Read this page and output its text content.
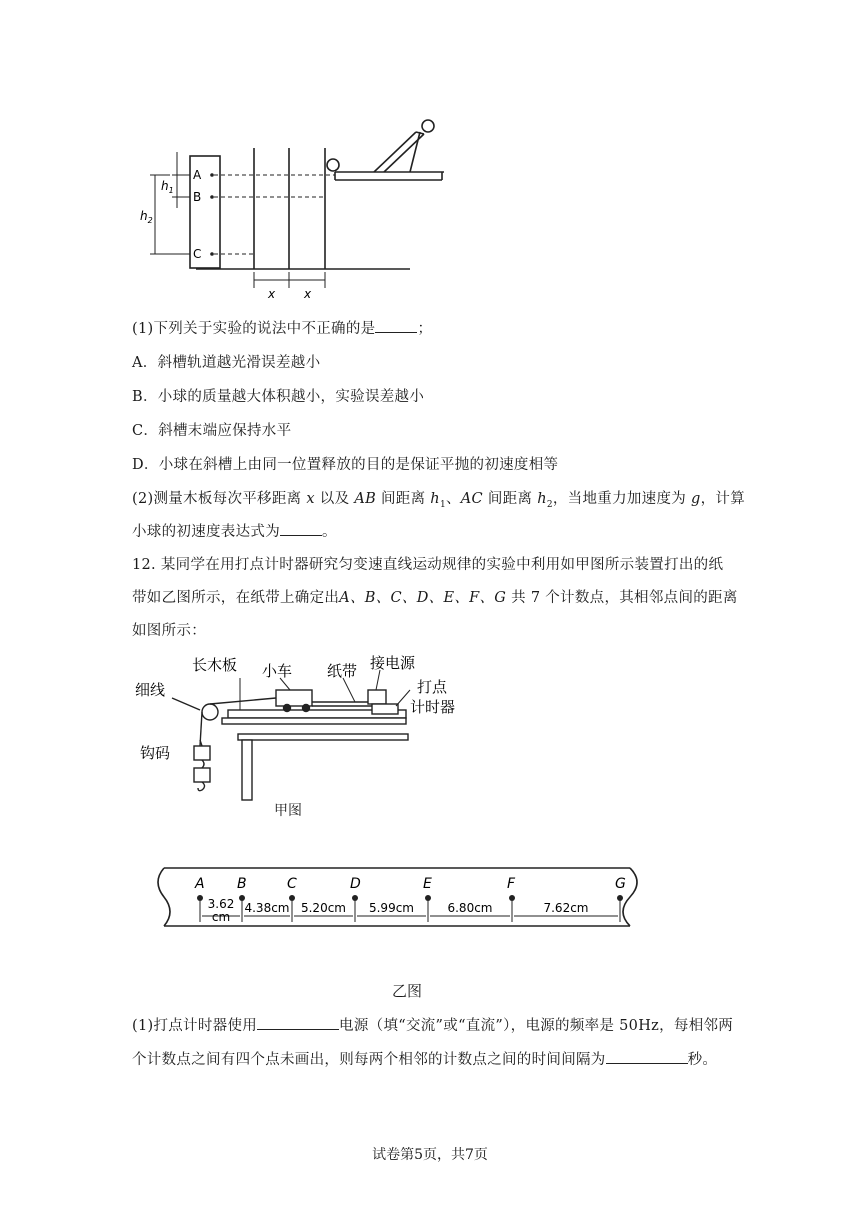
A
B
C
$h_1$
$h_2$
x x
(1)下列关于实验的说法中不正确的是	；
A．斜槽轨道越光滑误差越小
B．小球的质量越大体积越小，实验误差越小
C．斜槽末端应保持水平
D．小球在斜槽上由同一位置释放的目的是保证平抛的初速度相等
(2)测量木板每次平移距离 x 以及 AB 间距离 $h_1$、AC 间距离 $h_2$，当地重力加速度为 g，计算
小球的初速度表达式为	。
12. 某同学在用打点计时器研究匀变速直线运动规律的实验中利用如甲图所示装置打出的纸
带如乙图所示，在纸带上确定出A、B、C、D、E、F、G 共 7 个计数点，其相邻点间的距离
如图所示：
长木板 小车 纸带 接电源
细线	打点
计时器
钩码
甲图
A B	C	D	E	F	G
3.62
cm
4.38cm 5.20cm 5.99cm	6.80cm	7.62cm
乙图
(1)打点计时器使用	电源（填“交流”或“直流”），电源的频率是 50Hz，每相邻两
个计数点之间有四个点未画出，则每两个相邻的计数点之间的时间间隔为	秒。
试卷第5页，共7页
